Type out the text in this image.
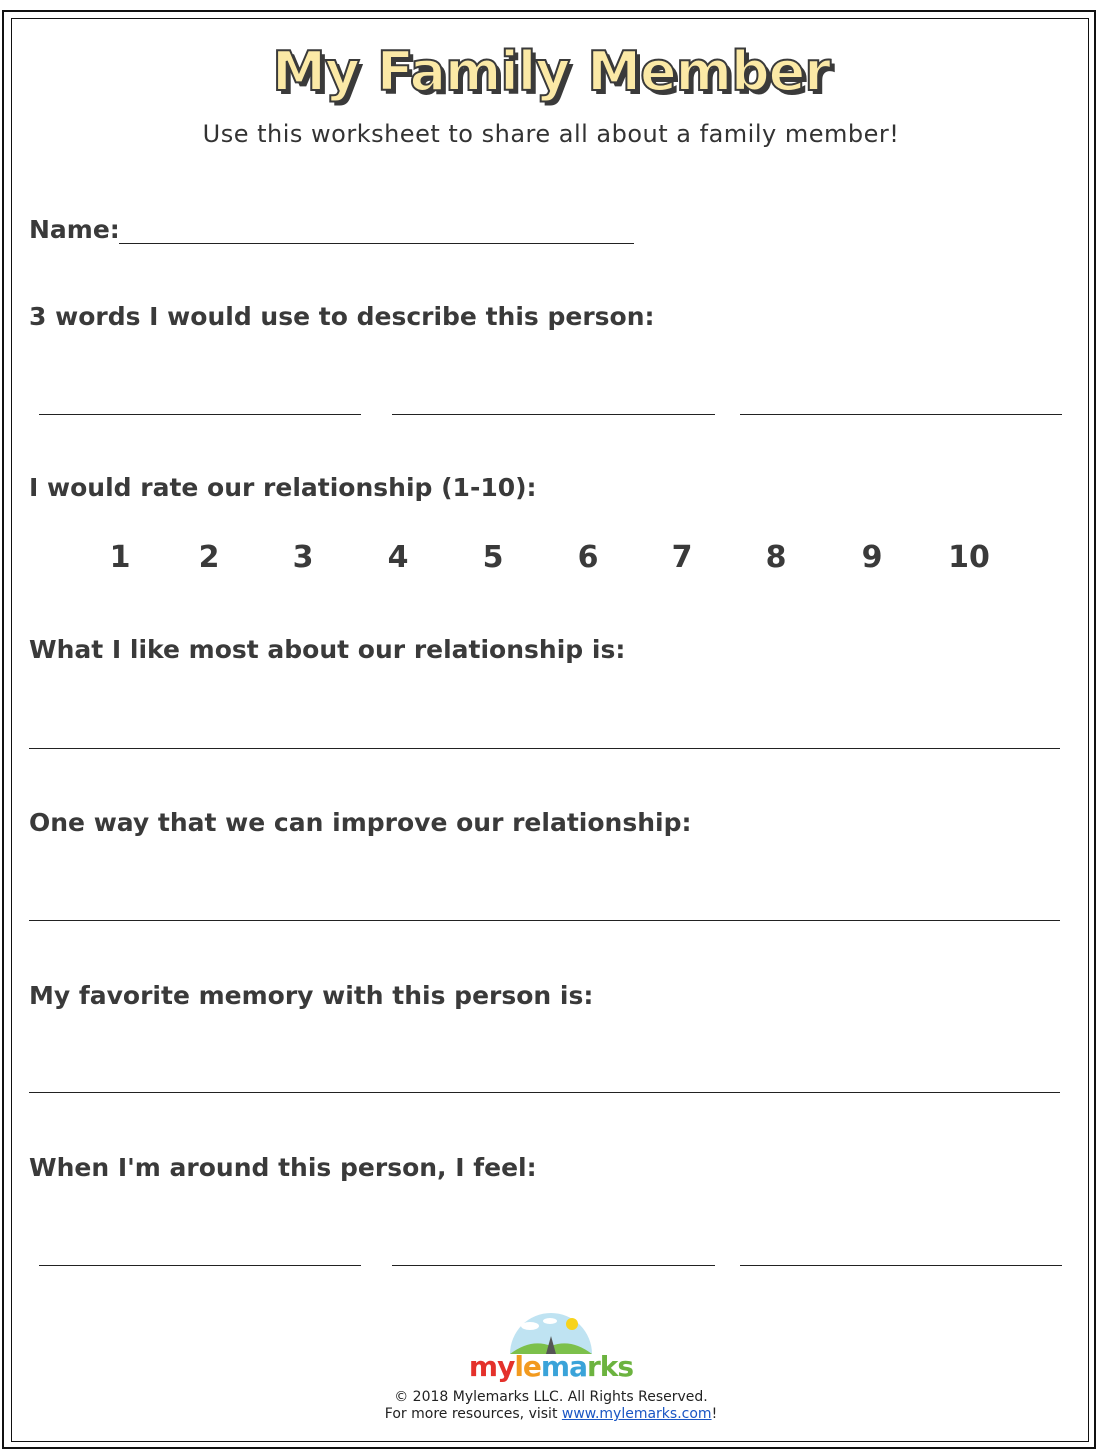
My Family Member
Use this worksheet to share all about a family member!
Name:
3 words I would use to describe this person:
I would rate our relationship (1-10):
1	2	3	4	5	6	7	8	9	10
What I like most about our relationship is:
One way that we can improve our relationship:
My favorite memory with this person is:
When I'm around this person, I feel:
mylemarks
© 2018 Mylemarks LLC. All Rights Reserved.
For more resources, visit www.mylemarks.com!
